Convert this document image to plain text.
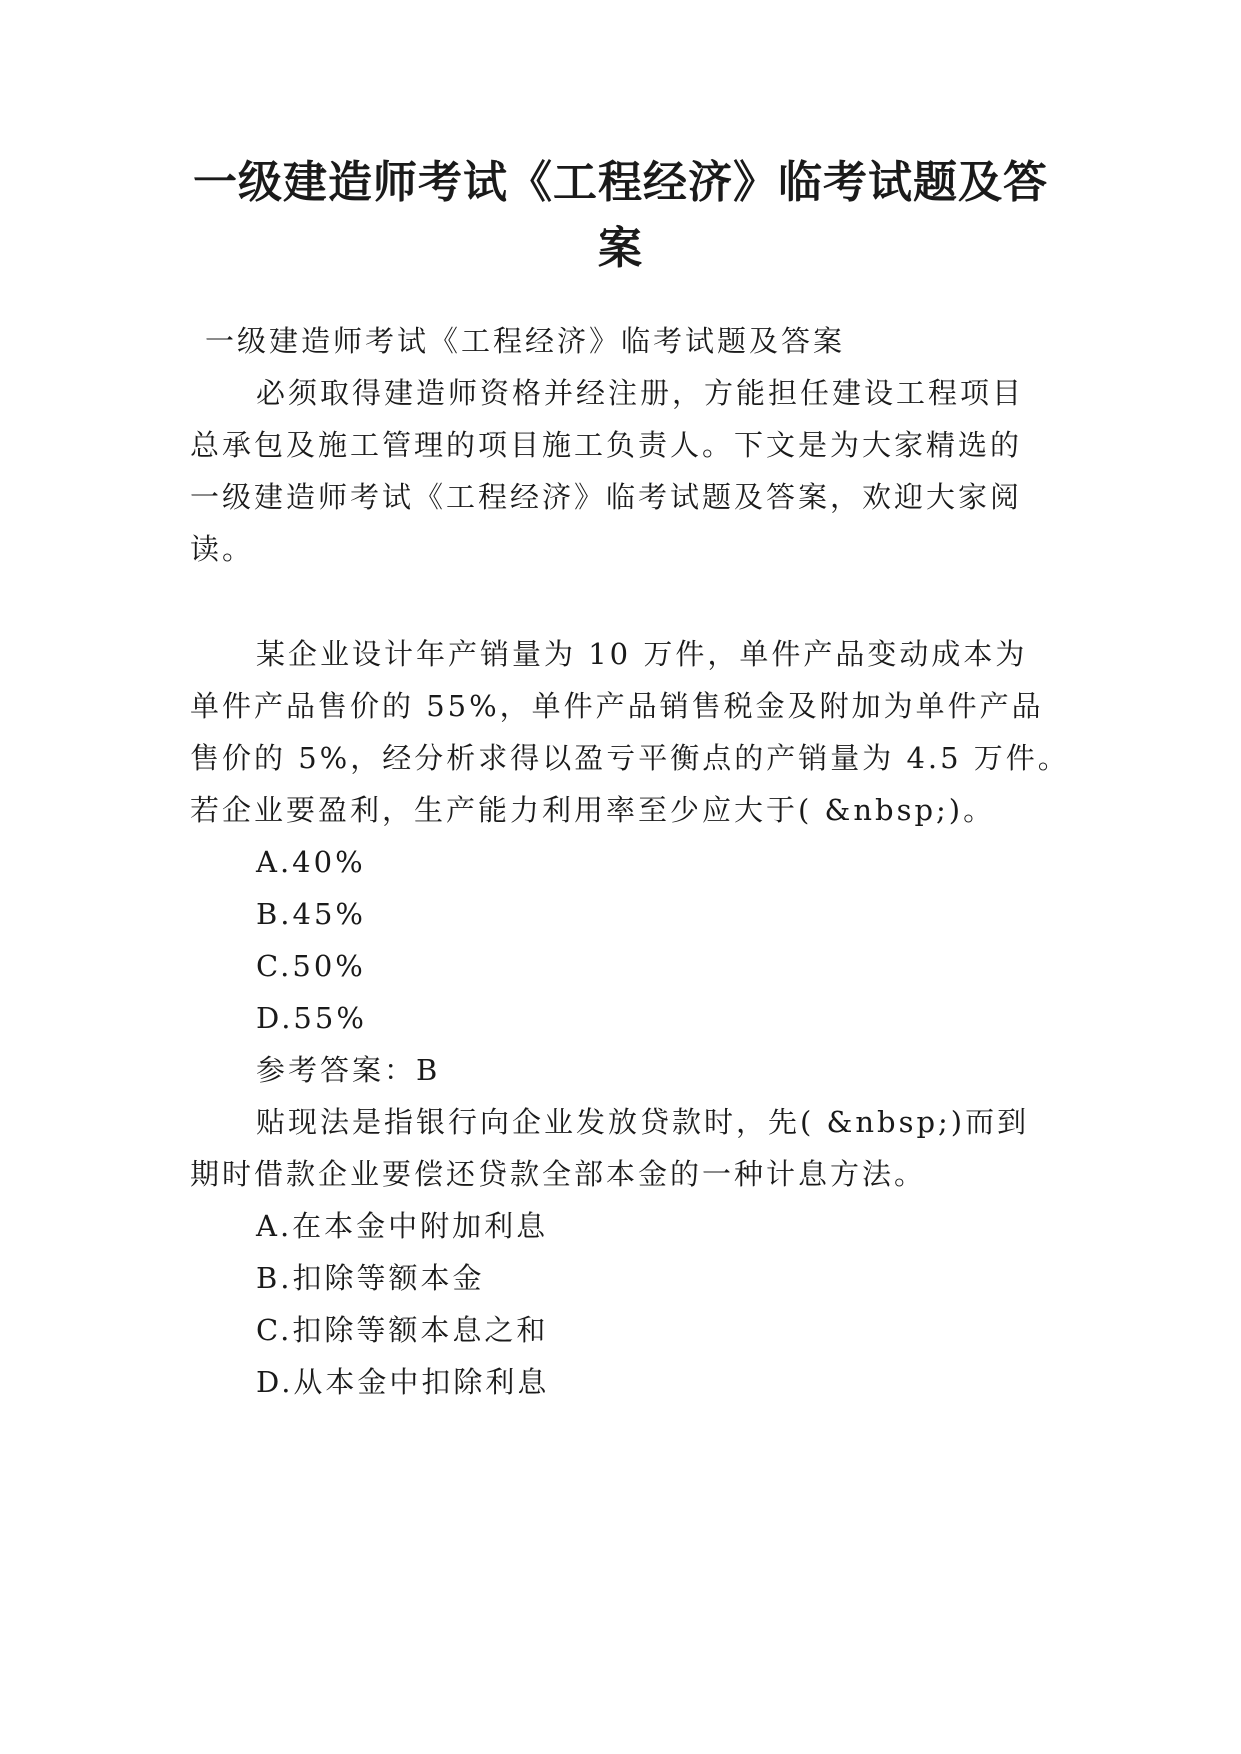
一级建造师考试《工程经济》临考试题及答
案
一级建造师考试《工程经济》临考试题及答案
必须取得建造师资格并经注册，方能担任建设工程项目
总承包及施工管理的项目施工负责人。下文是为大家精选的
一级建造师考试《工程经济》临考试题及答案，欢迎大家阅
读。
某企业设计年产销量为 10 万件，单件产品变动成本为
单件产品售价的 55%，单件产品销售税金及附加为单件产品
售价的 5%，经分析求得以盈亏平衡点的产销量为 4.5 万件。
若企业要盈利，生产能力利用率至少应大于( &nbsp;)。
A.40%
B.45%
C.50%
D.55%
参考答案：B
贴现法是指银行向企业发放贷款时，先( &nbsp;)而到
期时借款企业要偿还贷款全部本金的一种计息方法。
A.在本金中附加利息
B.扣除等额本金
C.扣除等额本息之和
D.从本金中扣除利息
